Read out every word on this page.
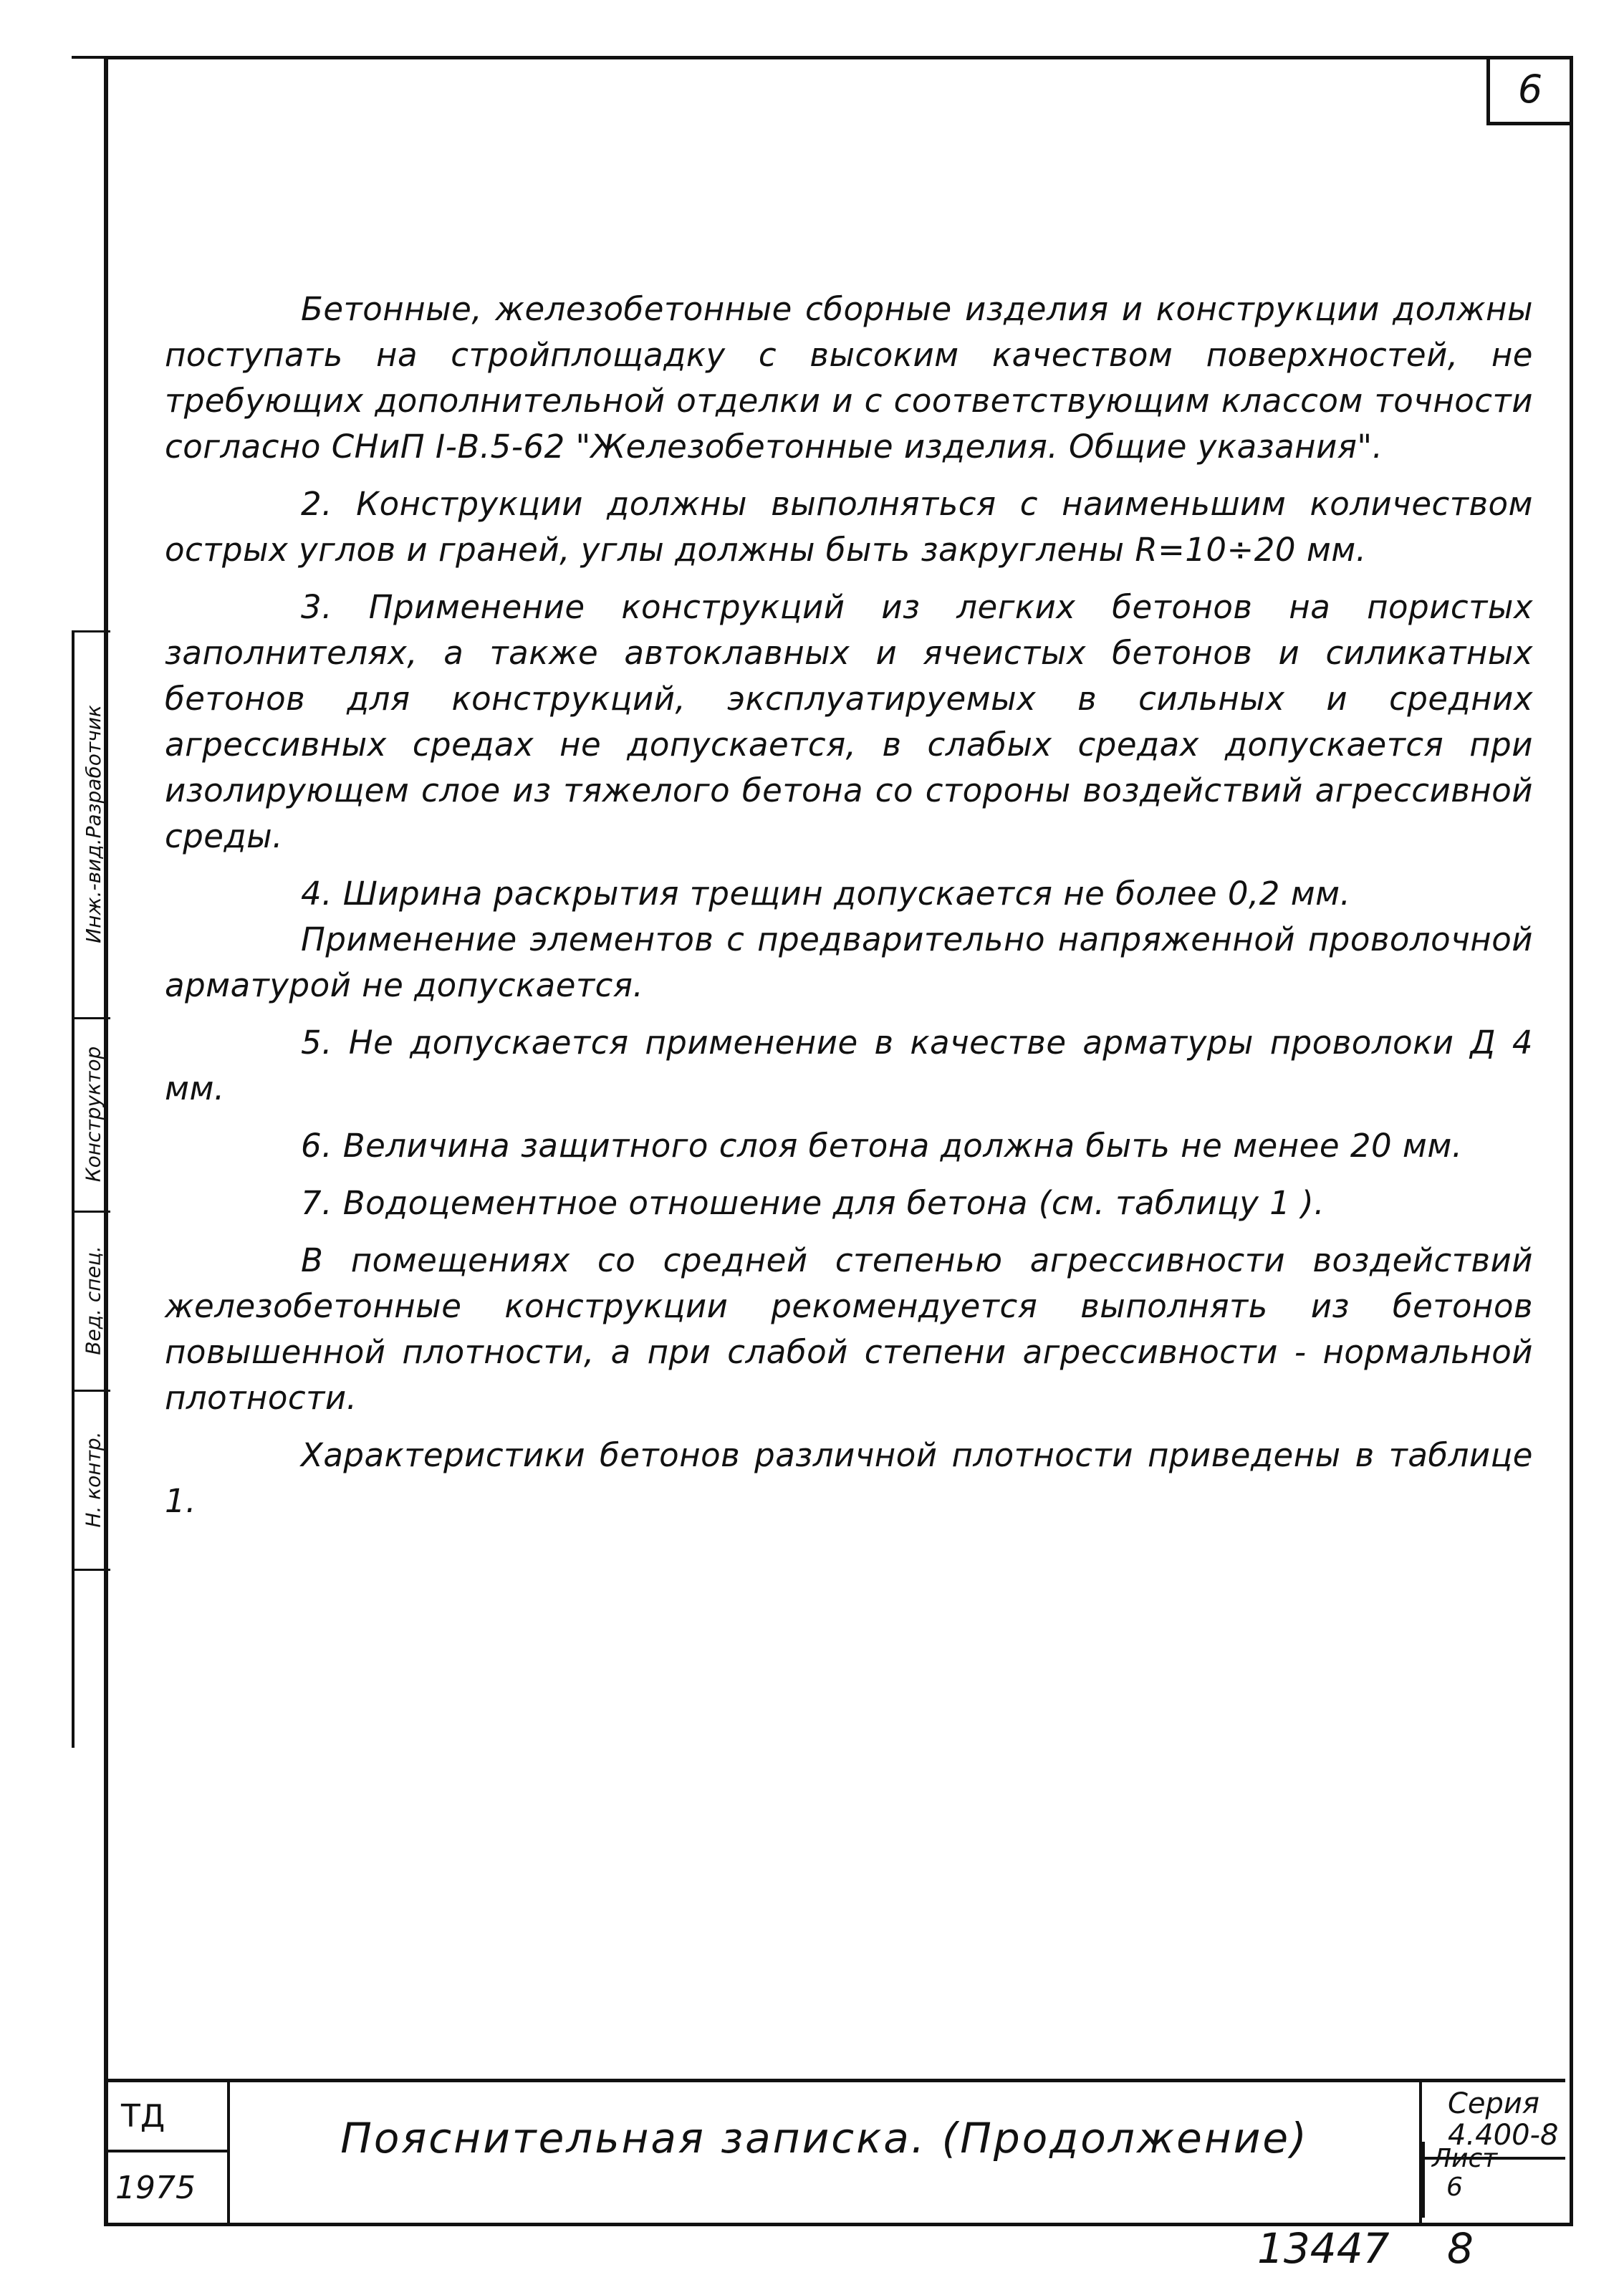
6
Инж.-вид.Разработчик
Конструктор
Вед. спец.
Н. контр.

Бетонные, железобетонные сборные изделия и конструкции должны поступать на стройплощадку с высоким качеством поверхностей, не требующих дополнительной отделки и с соответствующим классом точности согласно СНиП I-В.5-62 "Железобетонные изделия. Общие указания".

2. Конструкции должны выполняться с наименьшим количеством острых углов и граней, углы должны быть закруглены R=10÷20 мм.

3. Применение конструкций из легких бетонов на пористых заполнителях, а также автоклавных и ячеистых бетонов и силикатных бетонов для конструкций, эксплуатируемых в сильных и средних агрессивных средах не допускается, в слабых средах допускается при изолирующем слое из тяжелого бетона со стороны воздействий агрессивной среды.

4. Ширина раскрытия трещин допускается не более 0,2 мм.

Применение элементов с предварительно напряженной проволочной арматурой не допускается.

5. Не допускается применение в качестве арматуры проволоки Д 4 мм.

6. Величина защитного слоя бетона должна быть не менее 20 мм.

7. Водоцементное отношение для бетона (см. таблицу 1 ).

В помещениях со средней степенью агрессивности воздействий железобетонные конструкции рекомендуется выполнять из бетонов повышенной плотности, а при слабой степени агрессивности - нормальной плотности.

Характеристики бетонов различной плотности приведены в таблице 1.

ТД
1975
Пояснительная записка. (Продолжение)
Серия
4.400-8
Лист
6
13447 8
